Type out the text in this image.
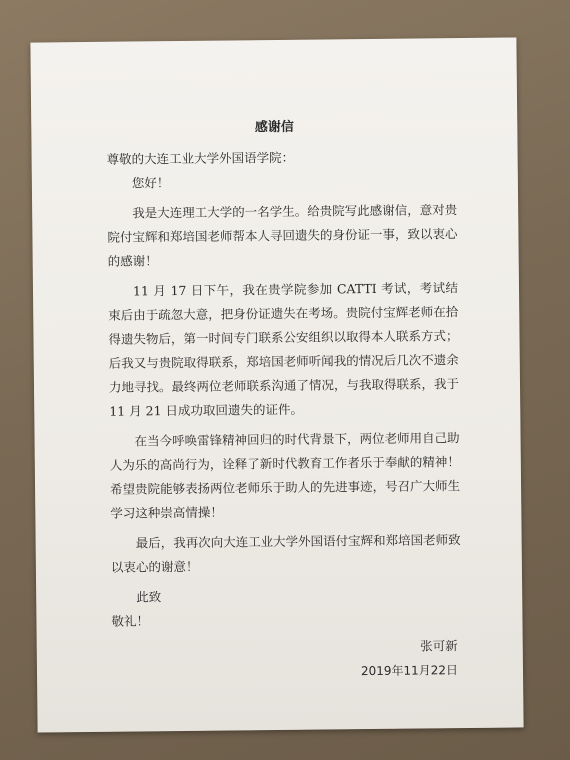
感谢信

尊敬的大连工业大学外国语学院：

您好！

我是大连理工大学的一名学生。给贵院写此感谢信，意对贵院付宝辉和郑培国老师帮本人寻回遗失的身份证一事，致以衷心的感谢！

11 月 17 日下午，我在贵学院参加 CATTI 考试，考试结束后由于疏忽大意，把身份证遗失在考场。贵院付宝辉老师在拾得遗失物后，第一时间专门联系公安组织以取得本人联系方式；后我又与贵院取得联系，郑培国老师听闻我的情况后几次不遗余力地寻找。最终两位老师联系沟通了情况，与我取得联系，我于 11 月 21 日成功取回遗失的证件。

在当今呼唤雷锋精神回归的时代背景下，两位老师用自己助人为乐的高尚行为，诠释了新时代教育工作者乐于奉献的精神！希望贵院能够表扬两位老师乐于助人的先进事迹，号召广大师生学习这种崇高情操！

最后，我再次向大连工业大学外国语付宝辉和郑培国老师致以衷心的谢意！

此致

敬礼！

张可新

2019年11月22日
